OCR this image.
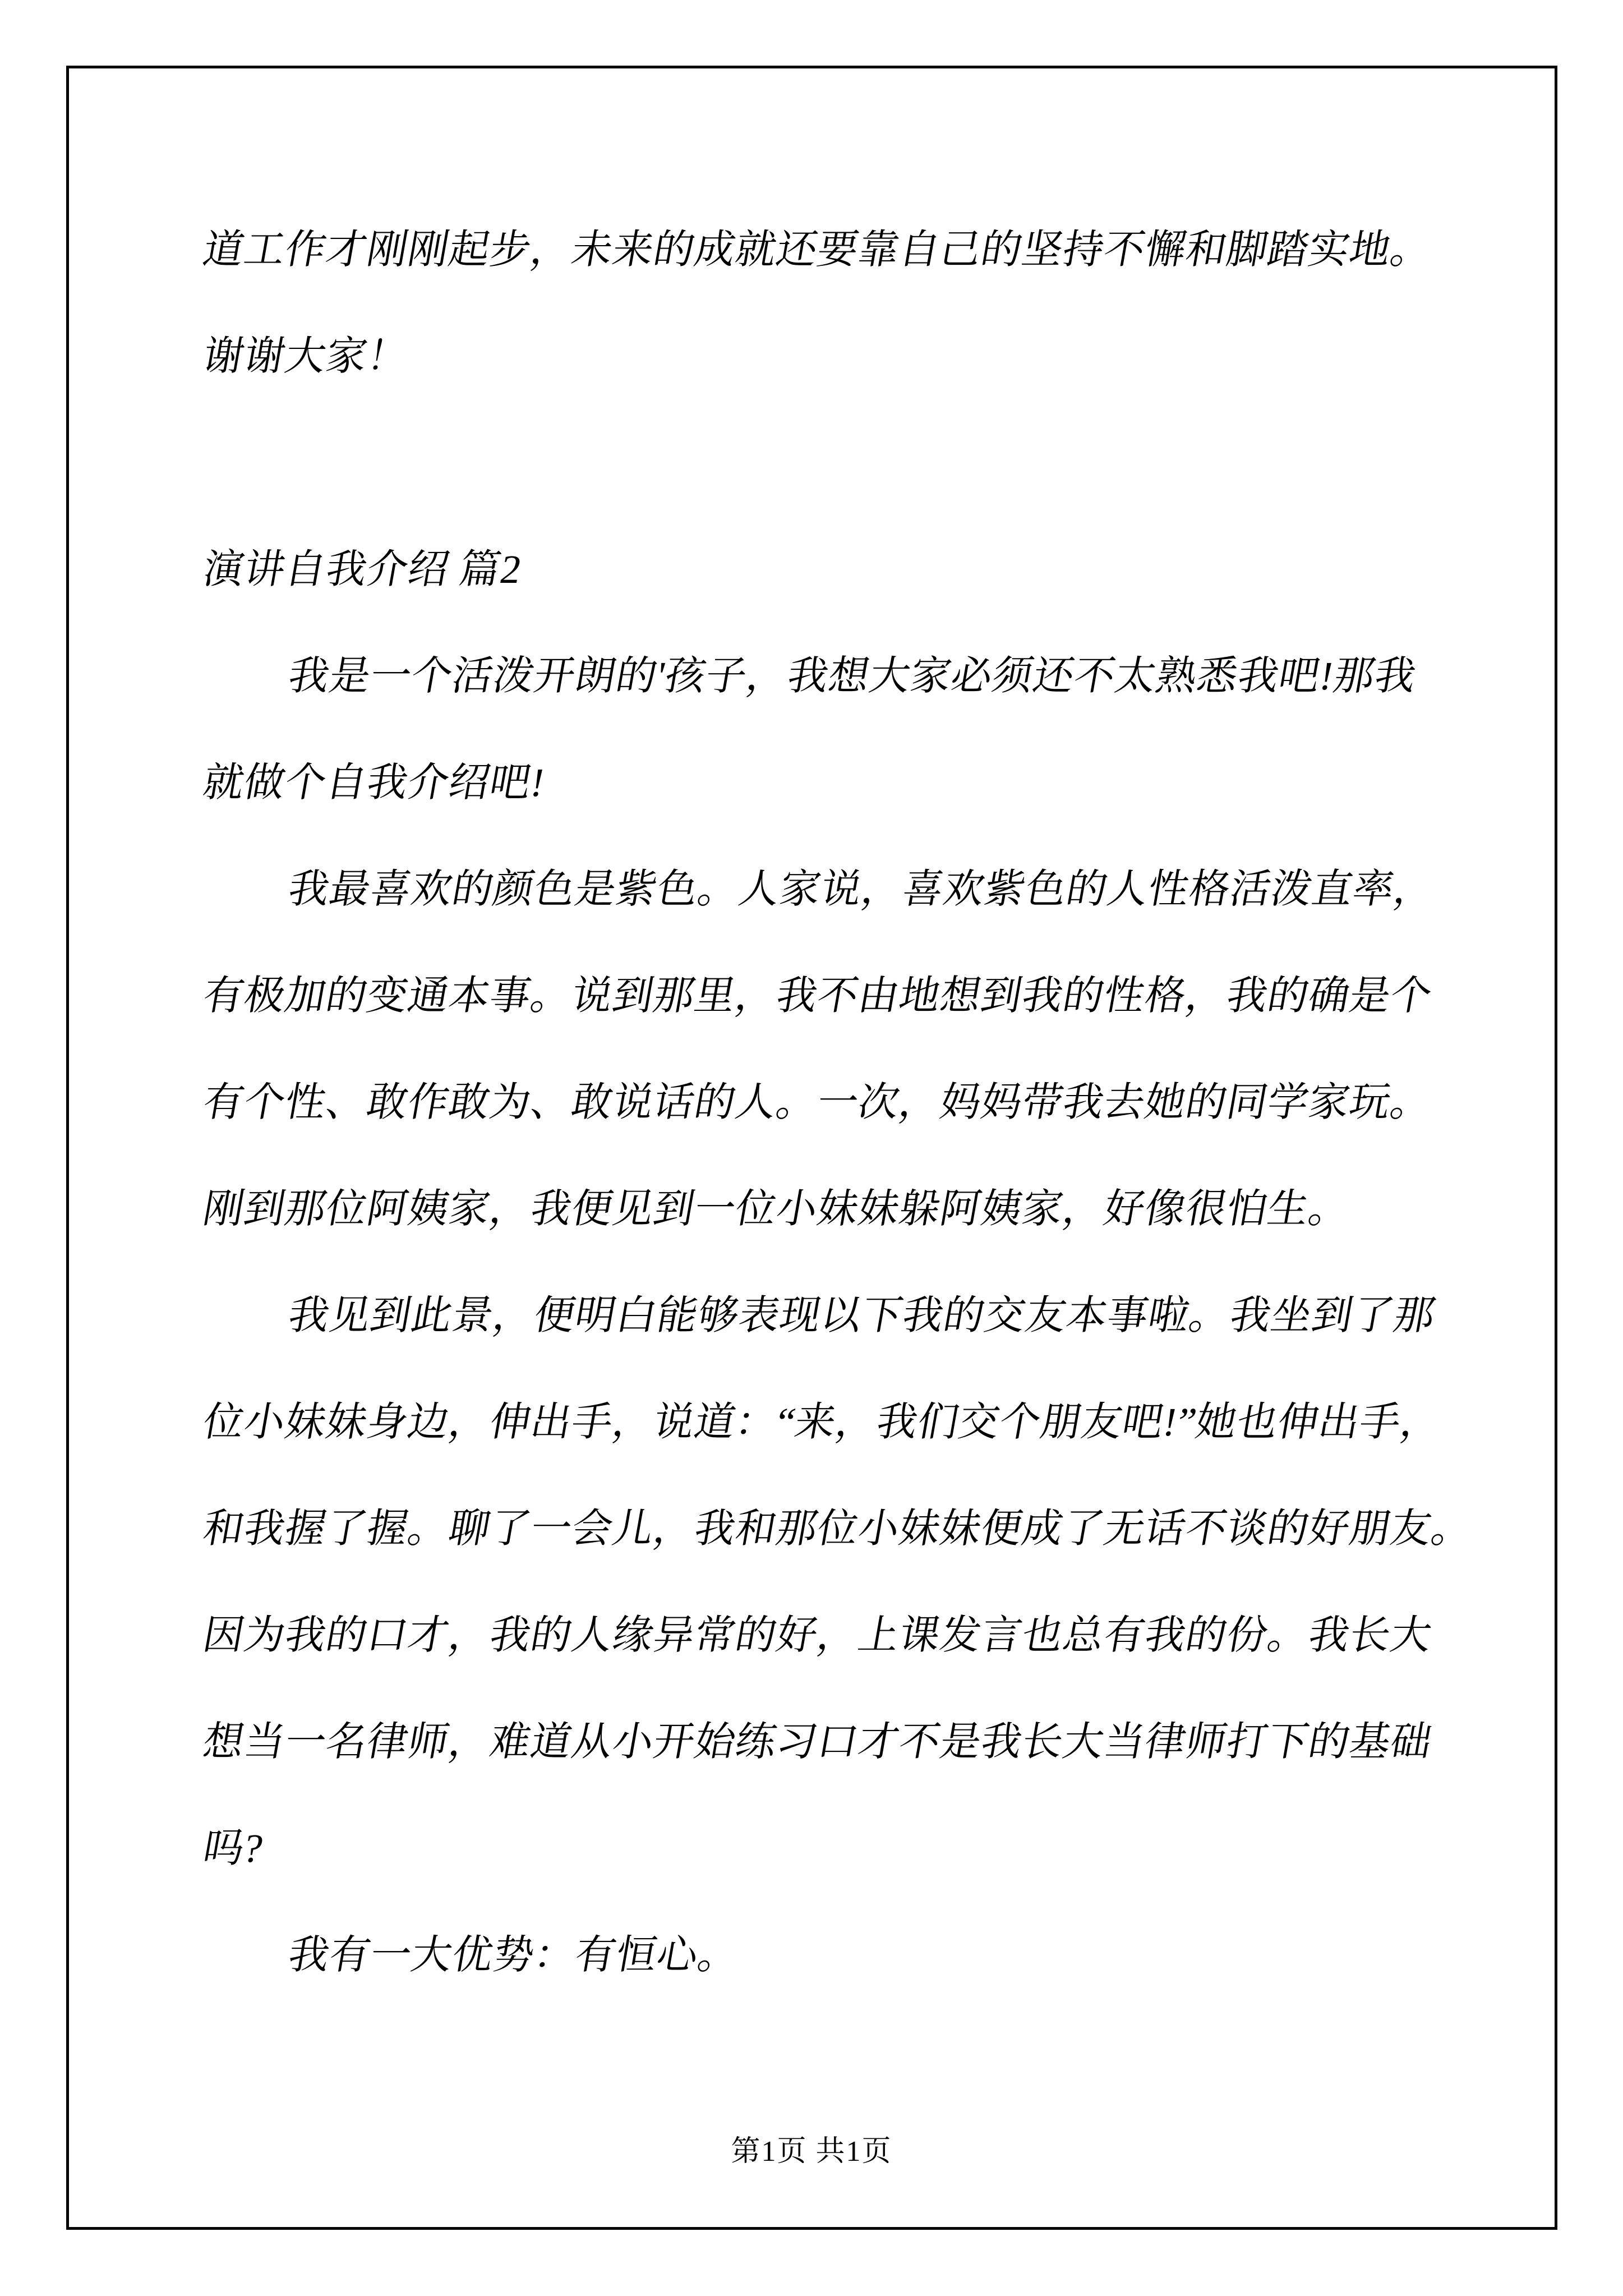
道工作才刚刚起步，未来的成就还要靠自己的坚持不懈和脚踏实地。
谢谢大家！
演讲自我介绍 篇2
我是一个活泼开朗的'孩子，我想大家必须还不太熟悉我吧!那我
就做个自我介绍吧!
我最喜欢的颜色是紫色。人家说，喜欢紫色的人性格活泼直率，
有极加的变通本事。说到那里，我不由地想到我的性格，我的确是个
有个性、敢作敢为、敢说话的人。一次，妈妈带我去她的同学家玩。
刚到那位阿姨家，我便见到一位小妹妹躲阿姨家，好像很怕生。
我见到此景，便明白能够表现以下我的交友本事啦。我坐到了那
位小妹妹身边，伸出手，说道：“来，我们交个朋友吧!”她也伸出手，
和我握了握。聊了一会儿，我和那位小妹妹便成了无话不谈的好朋友。
因为我的口才，我的人缘异常的好，上课发言也总有我的份。我长大
想当一名律师，难道从小开始练习口才不是我长大当律师打下的基础
吗?
我有一大优势：有恒心。
第1页 共1页
